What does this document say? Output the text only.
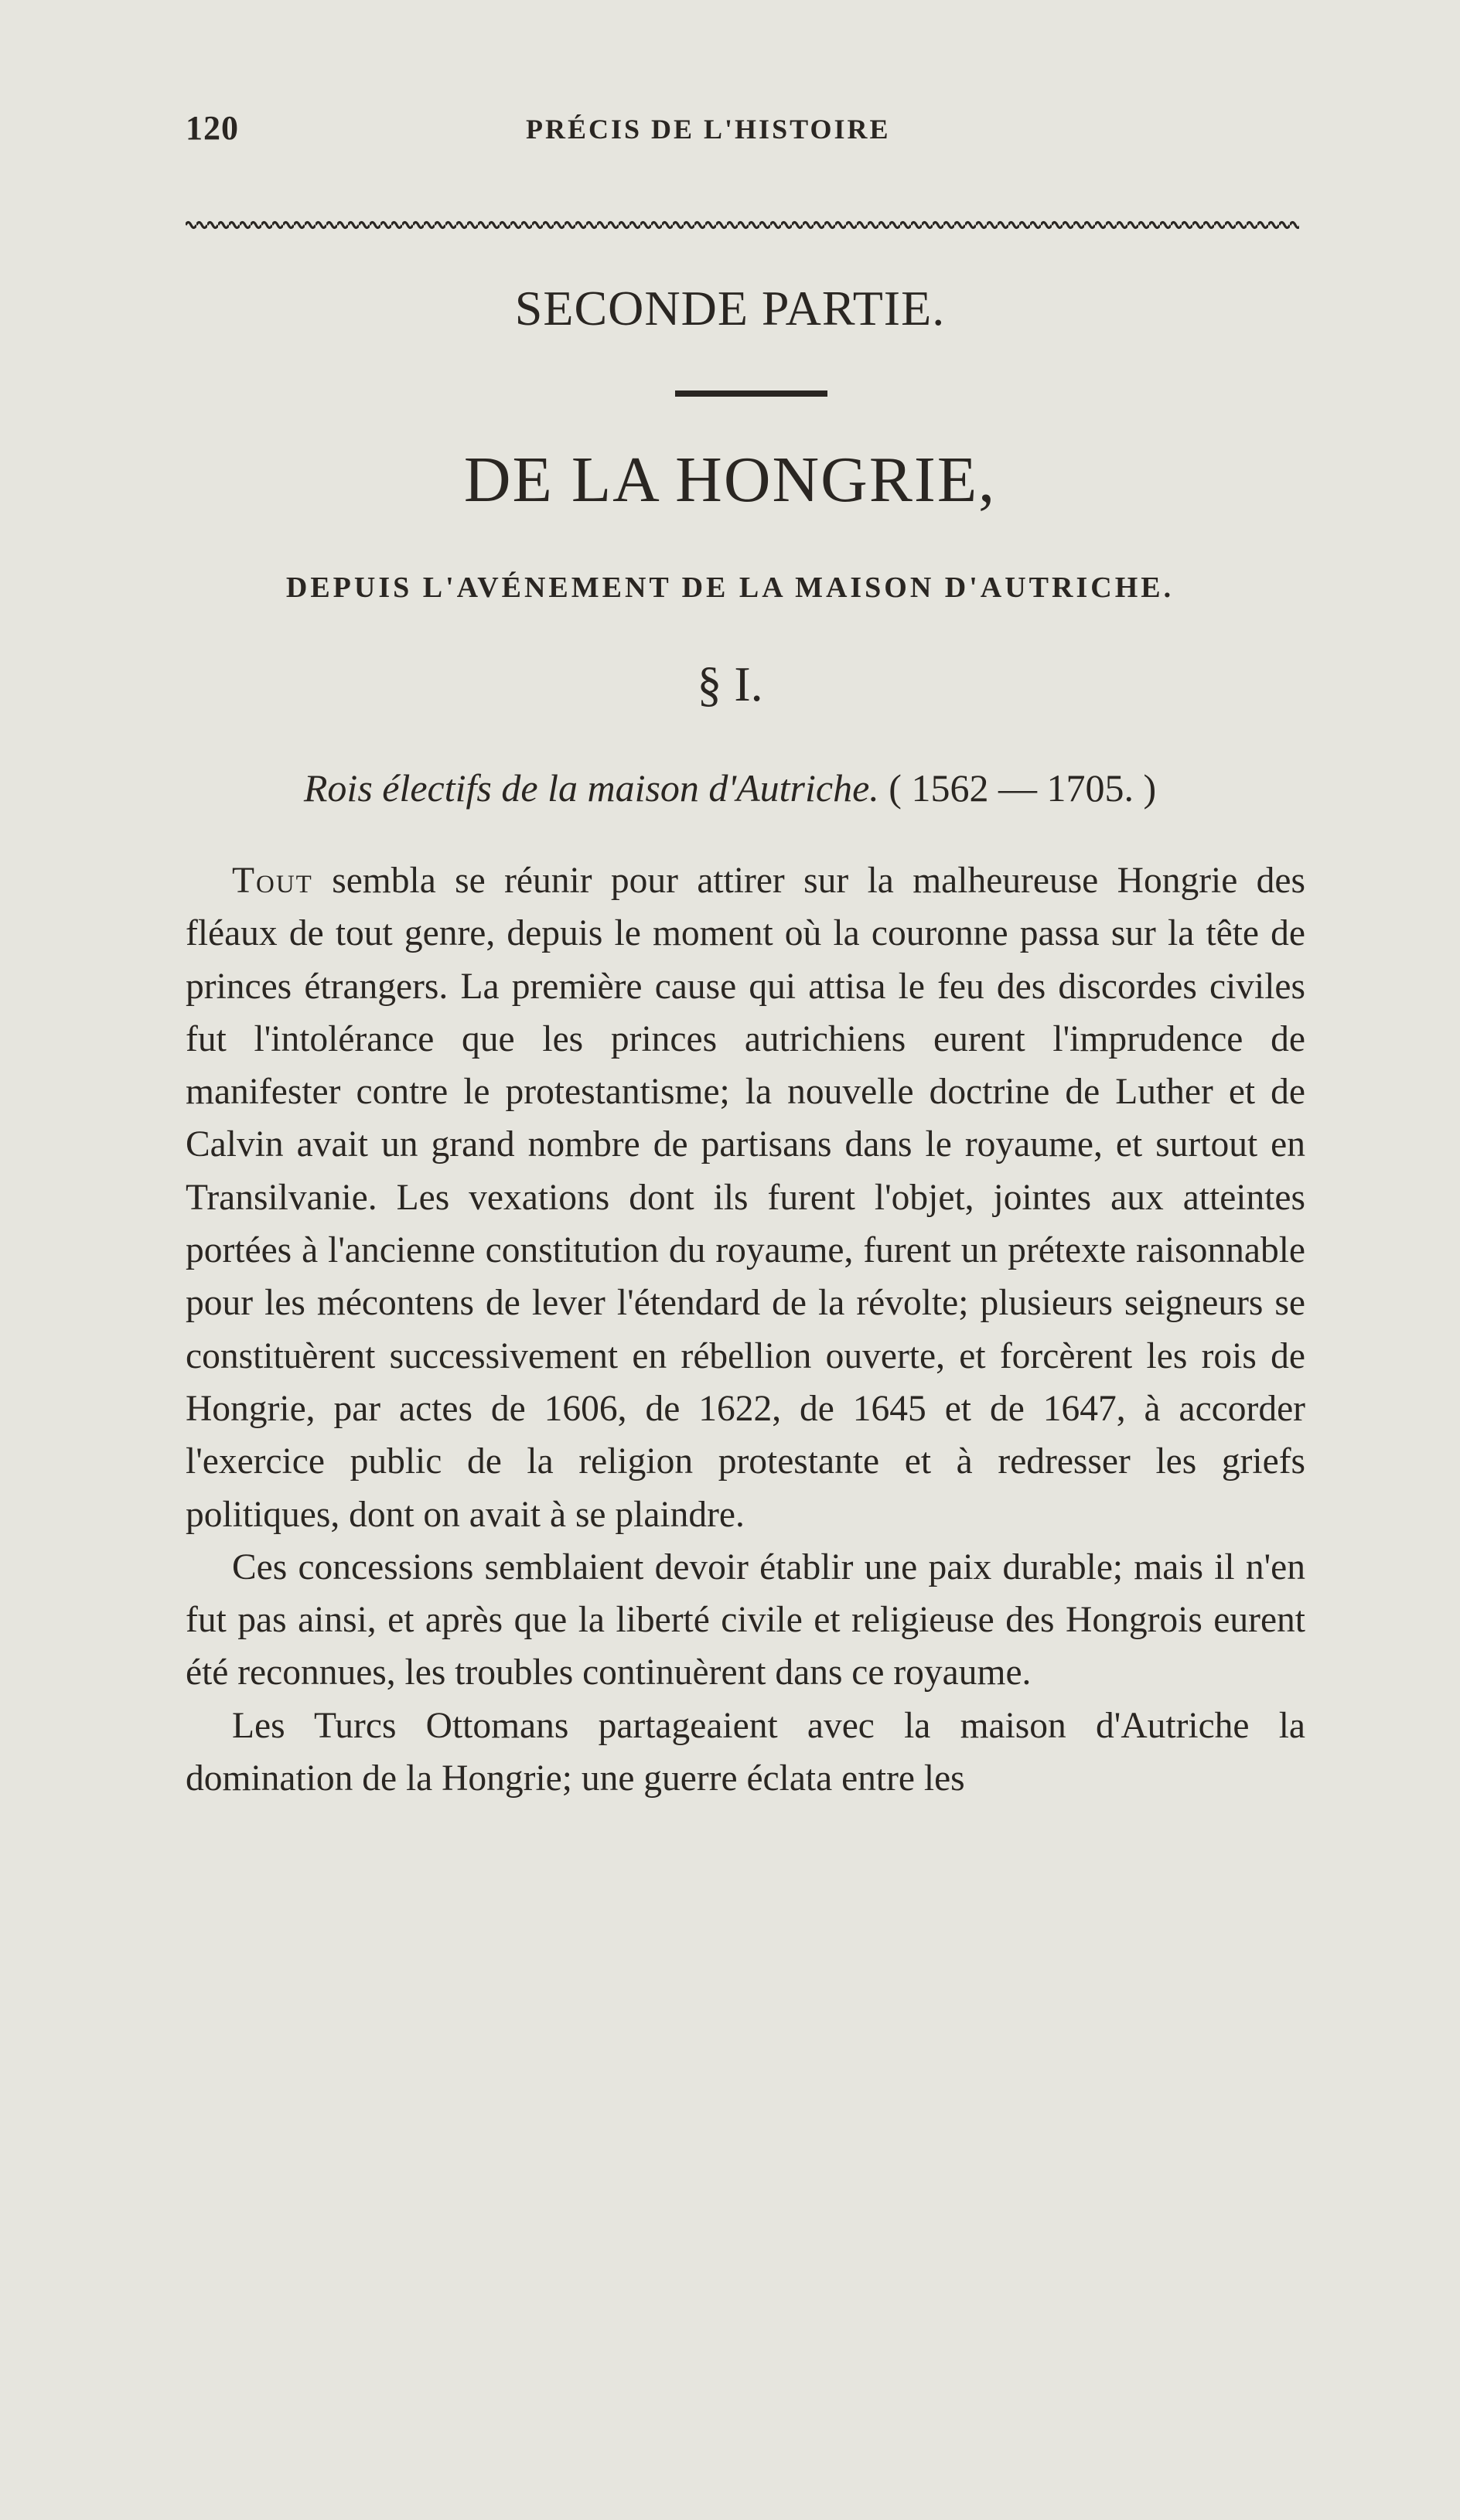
120	PRÉCIS DE L'HISTOIRE
SECONDE PARTIE.
DE LA HONGRIE,
DEPUIS L'AVÉNEMENT DE LA MAISON D'AUTRICHE.
§ I.
Rois électifs de la maison d'Autriche. ( 1562 — 1705. )

Tout sembla se réunir pour attirer sur la malheureuse Hongrie des fléaux de tout genre, depuis le moment où la couronne passa sur la tête de princes étrangers. La première cause qui attisa le feu des discordes civiles fut l'intolérance que les princes autrichiens eurent l'imprudence de manifester contre le protestantisme; la nouvelle doctrine de Luther et de Calvin avait un grand nombre de partisans dans le royaume, et surtout en Transilvanie. Les vexations dont ils furent l'objet, jointes aux atteintes portées à l'ancienne constitution du royaume, furent un prétexte raisonnable pour les mécontens de lever l'étendard de la révolte; plusieurs seigneurs se constituèrent successivement en rébellion ouverte, et forcèrent les rois de Hongrie, par actes de 1606, de 1622, de 1645 et de 1647, à accorder l'exercice public de la religion protestante et à redresser les griefs politiques, dont on avait à se plaindre.

Ces concessions semblaient devoir établir une paix durable; mais il n'en fut pas ainsi, et après que la liberté civile et religieuse des Hongrois eurent été reconnues, les troubles continuèrent dans ce royaume.

Les Turcs Ottomans partageaient avec la maison d'Autriche la domination de la Hongrie; une guerre éclata entre les
